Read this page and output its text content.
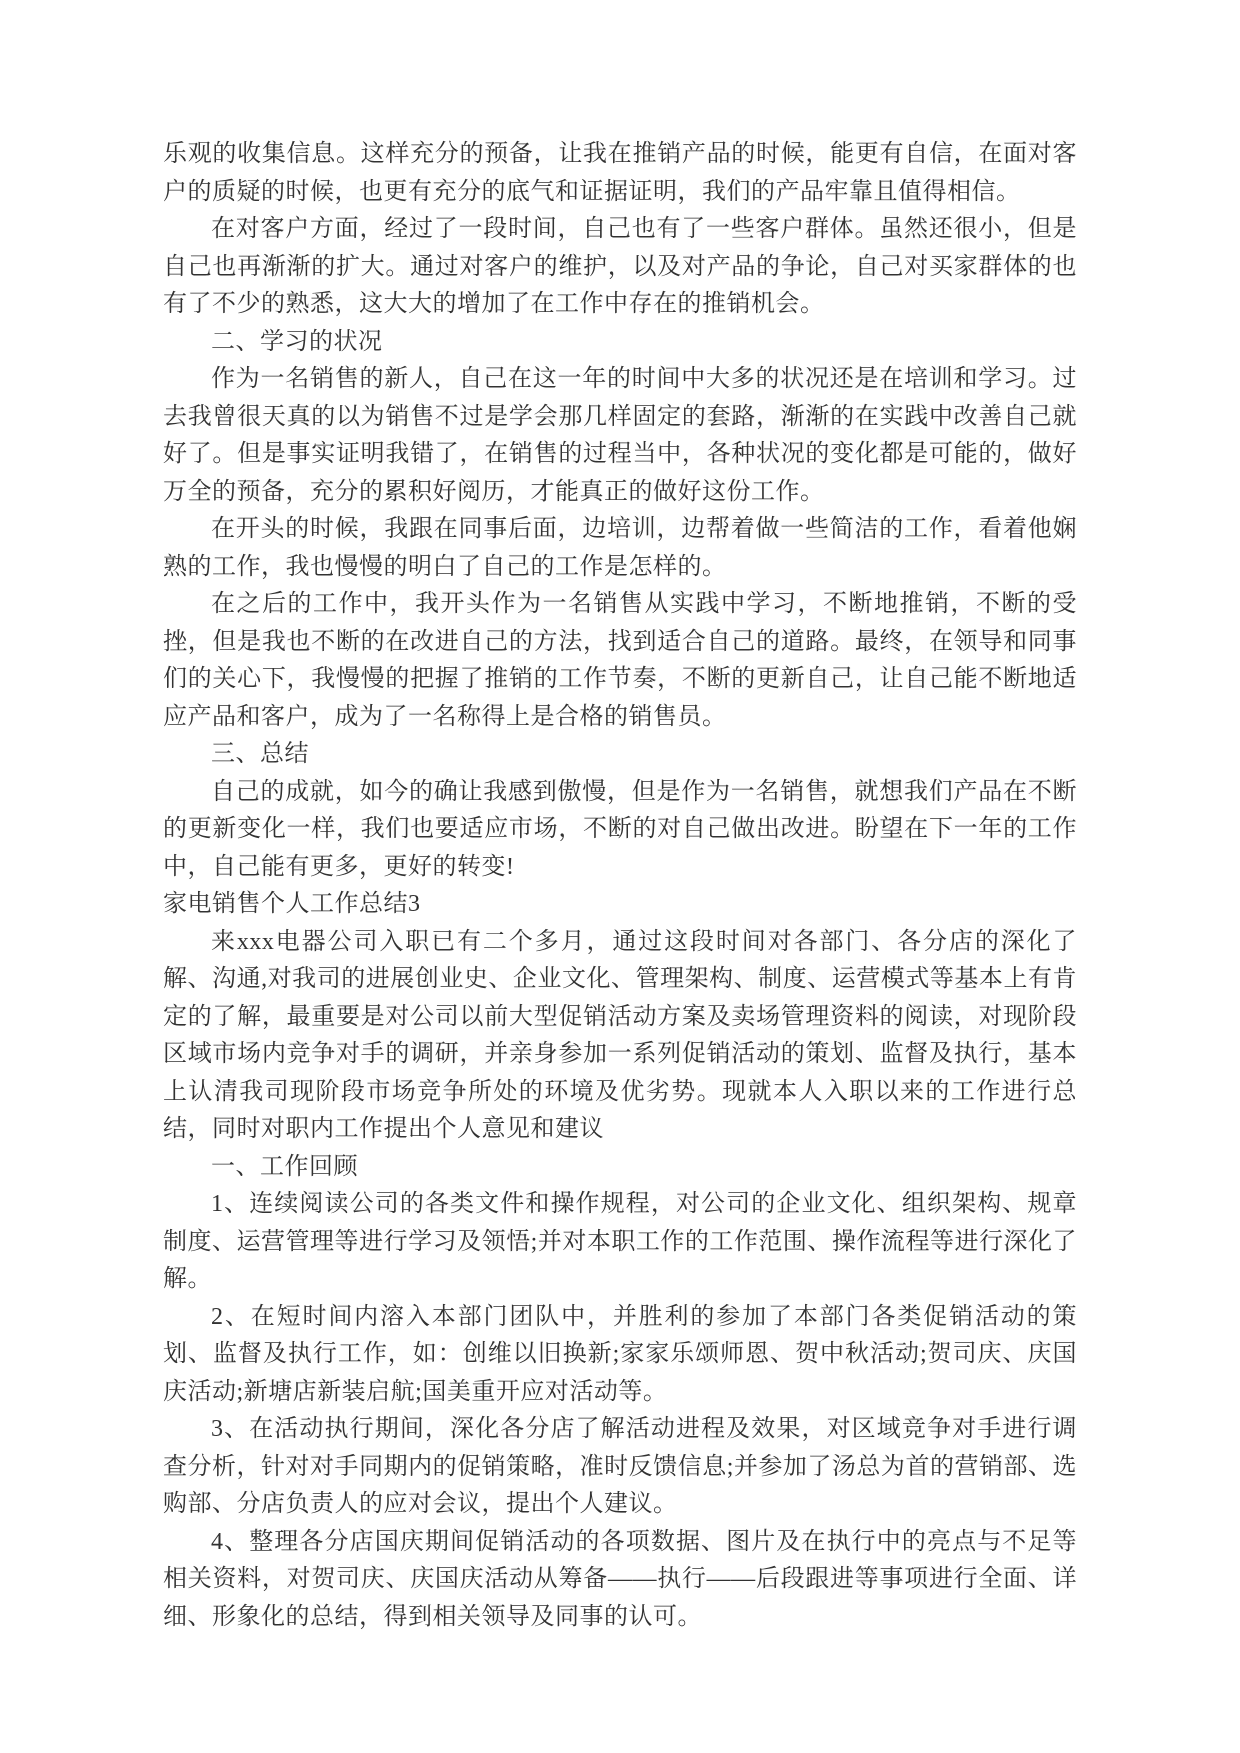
乐观的收集信息。这样充分的预备，让我在推销产品的时候，能更有自信，在面对客户的质疑的时候，也更有充分的底气和证据证明，我们的产品牢靠且值得相信。

在对客户方面，经过了一段时间，自己也有了一些客户群体。虽然还很小，但是自己也再渐渐的扩大。通过对客户的维护，以及对产品的争论，自己对买家群体的也有了不少的熟悉，这大大的增加了在工作中存在的推销机会。

二、学习的状况

作为一名销售的新人，自己在这一年的时间中大多的状况还是在培训和学习。过去我曾很天真的以为销售不过是学会那几样固定的套路，渐渐的在实践中改善自己就好了。但是事实证明我错了，在销售的过程当中，各种状况的变化都是可能的，做好万全的预备，充分的累积好阅历，才能真正的做好这份工作。

在开头的时候，我跟在同事后面，边培训，边帮着做一些简洁的工作，看着他娴熟的工作，我也慢慢的明白了自己的工作是怎样的。

在之后的工作中，我开头作为一名销售从实践中学习，不断地推销，不断的受挫，但是我也不断的在改进自己的方法，找到适合自己的道路。最终，在领导和同事们的关心下，我慢慢的把握了推销的工作节奏，不断的更新自己，让自己能不断地适应产品和客户，成为了一名称得上是合格的销售员。

三、总结

自己的成就，如今的确让我感到傲慢，但是作为一名销售，就想我们产品在不断的更新变化一样，我们也要适应市场，不断的对自己做出改进。盼望在下一年的工作中，自己能有更多，更好的转变!

家电销售个人工作总结3

来xxx电器公司入职已有二个多月，通过这段时间对各部门、各分店的深化了解、沟通,对我司的进展创业史、企业文化、管理架构、制度、运营模式等基本上有肯定的了解，最重要是对公司以前大型促销活动方案及卖场管理资料的阅读，对现阶段区域市场内竞争对手的调研，并亲身参加一系列促销活动的策划、监督及执行，基本上认清我司现阶段市场竞争所处的环境及优劣势。现就本人入职以来的工作进行总结，同时对职内工作提出个人意见和建议

一、工作回顾

1、连续阅读公司的各类文件和操作规程，对公司的企业文化、组织架构、规章制度、运营管理等进行学习及领悟;并对本职工作的工作范围、操作流程等进行深化了解。

2、在短时间内溶入本部门团队中，并胜利的参加了本部门各类促销活动的策划、监督及执行工作，如：创维以旧换新;家家乐颂师恩、贺中秋活动;贺司庆、庆国庆活动;新塘店新装启航;国美重开应对活动等。

3、在活动执行期间，深化各分店了解活动进程及效果，对区域竞争对手进行调查分析，针对对手同期内的促销策略，准时反馈信息;并参加了汤总为首的营销部、选购部、分店负责人的应对会议，提出个人建议。

4、整理各分店国庆期间促销活动的各项数据、图片及在执行中的亮点与不足等相关资料，对贺司庆、庆国庆活动从筹备——执行——后段跟进等事项进行全面、详细、形象化的总结，得到相关领导及同事的认可。
